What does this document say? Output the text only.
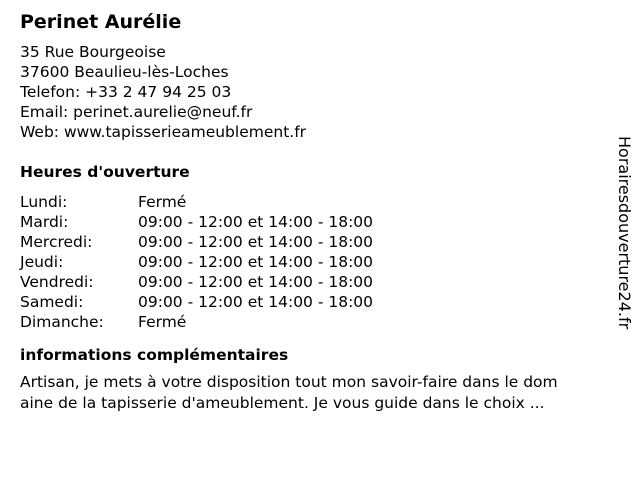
Perinet Aurélie
35 Rue Bourgeoise
37600 Beaulieu-lès-Loches
Telefon: +33 2 47 94 25 03
Email: perinet.aurelie@neuf.fr
Web: www.tapisserieameublement.fr
Heures d'ouverture
Lundi:	Fermé
Mardi:	09:00 - 12:00 et 14:00 - 18:00
Mercredi:	09:00 - 12:00 et 14:00 - 18:00
Jeudi:	09:00 - 12:00 et 14:00 - 18:00
Vendredi:	09:00 - 12:00 et 14:00 - 18:00
Samedi:	09:00 - 12:00 et 14:00 - 18:00
Dimanche: Fermé
informations complémentaires
Artisan, je mets à votre disposition tout mon savoir-faire dans le dom
aine de la tapisserie d'ameublement. Je vous guide dans le choix ...
Horairesdouverture24.fr
